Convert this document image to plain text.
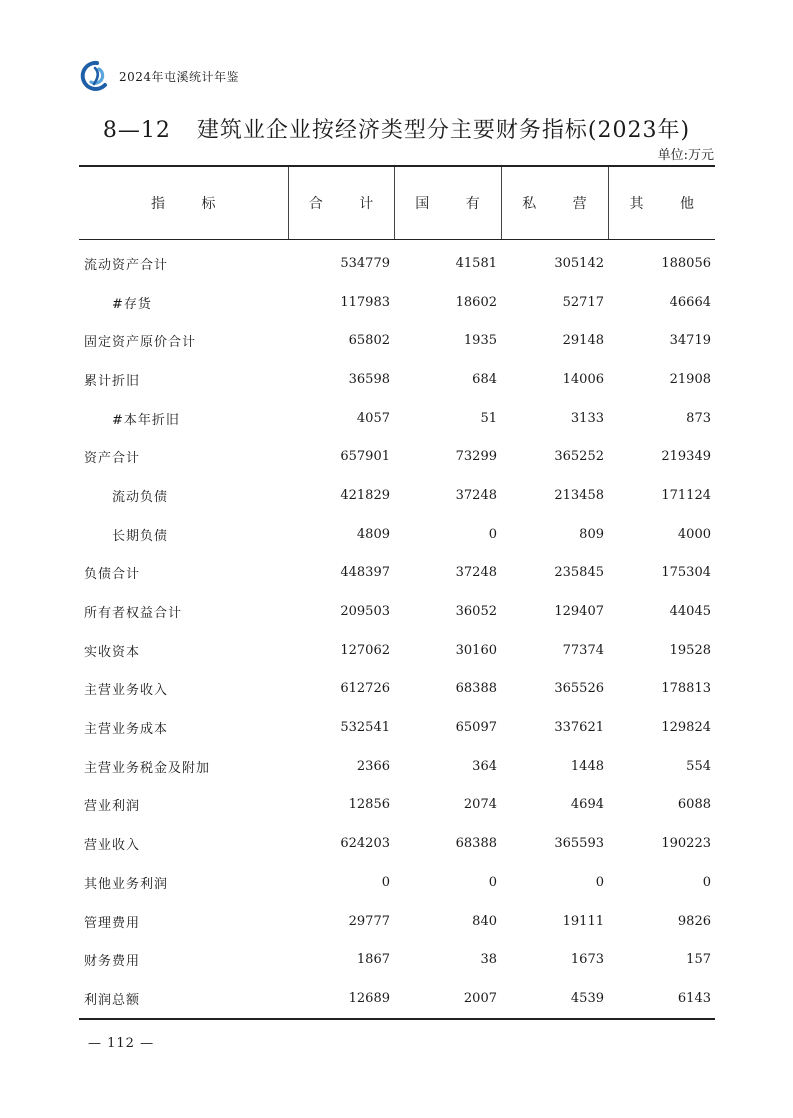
2024年屯溪统计年鉴
8—12 建筑业企业按经济类型分主要财务指标(2023年)
单位:万元
指 标	合 计	国 有	私 营	其 他
流动资产合计	534779	41581	305142	188056
#存货	117983	18602	52717	46664
固定资产原价合计	65802	1935	29148	34719
累计折旧	36598	684	14006	21908
#本年折旧	4057	51	3133	873
资产合计	657901	73299	365252	219349
流动负债	421829	37248	213458	171124
长期负债	4809	0	809	4000
负债合计	448397	37248	235845	175304
所有者权益合计	209503	36052	129407	44045
实收资本	127062	30160	77374	19528
主营业务收入	612726	68388	365526	178813
主营业务成本	532541	65097	337621	129824
主营业务税金及附加	2366	364	1448	554
营业利润	12856	2074	4694	6088
营业收入	624203	68388	365593	190223
其他业务利润	0	0	0	0
管理费用	29777	840	19111	9826
财务费用	1867	38	1673	157
利润总额	12689	2007	4539	6143
— 112 —
